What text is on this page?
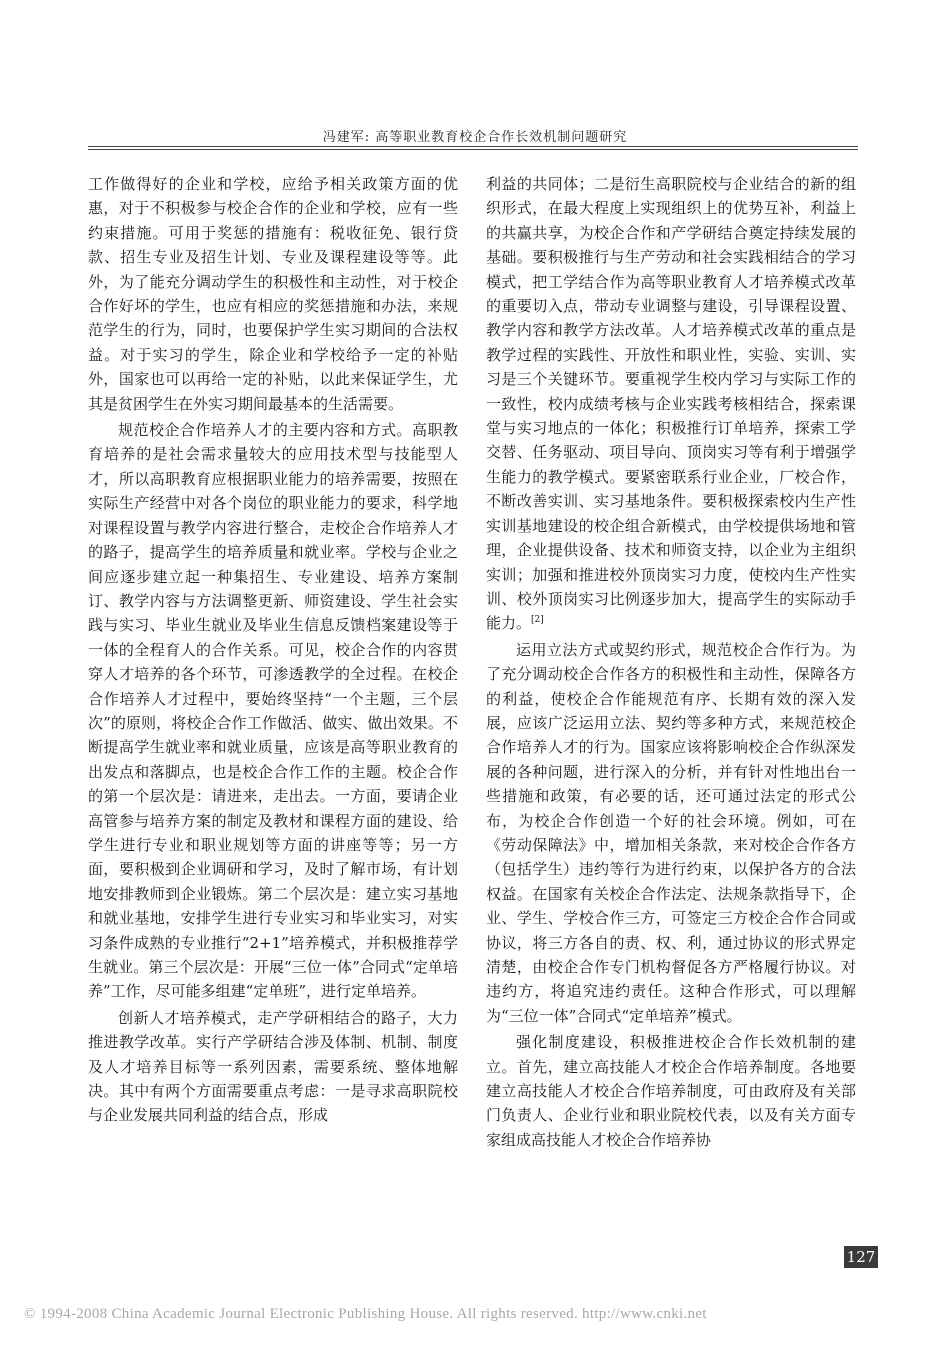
冯建军: 高等职业教育校企合作长效机制问题研究

工作做得好的企业和学校，应给予相关政策方面的优惠，对于不积极参与校企合作的企业和学校，应有一些约束措施。可用于奖惩的措施有：税收征免、银行贷款、招生专业及招生计划、专业及课程建设等等。此外，为了能充分调动学生的积极性和主动性，对于校企合作好坏的学生，也应有相应的奖惩措施和办法，来规范学生的行为，同时，也要保护学生实习期间的合法权益。对于实习的学生，除企业和学校给予一定的补贴外，国家也可以再给一定的补贴，以此来保证学生，尤其是贫困学生在外实习期间最基本的生活需要。

规范校企合作培养人才的主要内容和方式。高职教育培养的是社会需求量较大的应用技术型与技能型人才，所以高职教育应根据职业能力的培养需要，按照在实际生产经营中对各个岗位的职业能力的要求，科学地对课程设置与教学内容进行整合，走校企合作培养人才的路子，提高学生的培养质量和就业率。学校与企业之间应逐步建立起一种集招生、专业建设、培养方案制订、教学内容与方法调整更新、师资建设、学生社会实践与实习、毕业生就业及毕业生信息反馈档案建设等于一体的全程育人的合作关系。可见，校企合作的内容贯穿人才培养的各个环节，可渗透教学的全过程。在校企合作培养人才过程中，要始终坚持“一个主题，三个层次”的原则，将校企合作工作做活、做实、做出效果。不断提高学生就业率和就业质量，应该是高等职业教育的出发点和落脚点，也是校企合作工作的主题。校企合作的第一个层次是：请进来，走出去。一方面，要请企业高管参与培养方案的制定及教材和课程方面的建设、给学生进行专业和职业规划等方面的讲座等等；另一方面，要积极到企业调研和学习，及时了解市场，有计划地安排教师到企业锻炼。第二个层次是：建立实习基地和就业基地，安排学生进行专业实习和毕业实习，对实习条件成熟的专业推行“2+1”培养模式，并积极推荐学生就业。第三个层次是：开展“三位一体”合同式“定单培养”工作，尽可能多组建“定单班”，进行定单培养。

创新人才培养模式，走产学研相结合的路子，大力推进教学改革。实行产学研结合涉及体制、机制、制度及人才培养目标等一系列因素，需要系统、整体地解决。其中有两个方面需要重点考虑：一是寻求高职院校与企业发展共同利益的结合点，形成

利益的共同体；二是衍生高职院校与企业结合的新的组织形式，在最大程度上实现组织上的优势互补，利益上的共赢共享，为校企合作和产学研结合奠定持续发展的基础。要积极推行与生产劳动和社会实践相结合的学习模式，把工学结合作为高等职业教育人才培养模式改革的重要切入点，带动专业调整与建设，引导课程设置、教学内容和教学方法改革。人才培养模式改革的重点是教学过程的实践性、开放性和职业性，实验、实训、实习是三个关键环节。要重视学生校内学习与实际工作的一致性，校内成绩考核与企业实践考核相结合，探索课堂与实习地点的一体化；积极推行订单培养，探索工学交替、任务驱动、项目导向、顶岗实习等有利于增强学生能力的教学模式。要紧密联系行业企业，厂校合作，不断改善实训、实习基地条件。要积极探索校内生产性实训基地建设的校企组合新模式，由学校提供场地和管理，企业提供设备、技术和师资支持，以企业为主组织实训；加强和推进校外顶岗实习力度，使校内生产性实训、校外顶岗实习比例逐步加大，提高学生的实际动手能力。[2]

运用立法方式或契约形式，规范校企合作行为。为了充分调动校企合作各方的积极性和主动性，保障各方的利益，使校企合作能规范有序、长期有效的深入发展，应该广泛运用立法、契约等多种方式，来规范校企合作培养人才的行为。国家应该将影响校企合作纵深发展的各种问题，进行深入的分析，并有针对性地出台一些措施和政策，有必要的话，还可通过法定的形式公布，为校企合作创造一个好的社会环境。例如，可在《劳动保障法》中，增加相关条款，来对校企合作各方（包括学生）违约等行为进行约束，以保护各方的合法权益。在国家有关校企合作法定、法规条款指导下，企业、学生、学校合作三方，可签定三方校企合作合同或协议，将三方各自的责、权、利，通过协议的形式界定清楚，由校企合作专门机构督促各方严格履行协议。对违约方，将追究违约责任。这种合作形式，可以理解为“三位一体”合同式“定单培养”模式。

强化制度建设，积极推进校企合作长效机制的建立。首先，建立高技能人才校企合作培养制度。各地要建立高技能人才校企合作培养制度，可由政府及有关部门负责人、企业行业和职业院校代表，以及有关方面专家组成高技能人才校企合作培养协

127
© 1994-2008 China Academic Journal Electronic Publishing House. All rights reserved. http://www.cnki.net
